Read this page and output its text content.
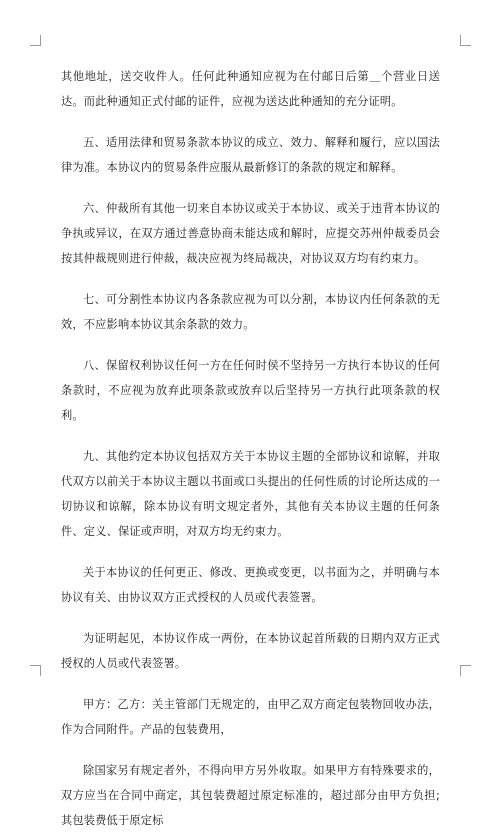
其他地址，送交收件人。任何此种通知应视为在付邮日后第＿个营业日送达。而此种通知正式付邮的证件，应视为送达此种通知的充分证明。

五、适用法律和贸易条款本协议的成立、效力、解释和履行，应以国法律为准。本协议内的贸易条件应服从最新修订的条款的规定和解释。

六、仲裁所有其他一切来自本协议或关于本协议、或关于违背本协议的争执或异议，在双方通过善意协商未能达成和解时，应提交苏州仲裁委员会按其仲裁规则进行仲裁，裁决应视为终局裁决，对协议双方均有约束力。

七、可分割性本协议内各条款应视为可以分割，本协议内任何条款的无效，不应影响本协议其余条款的效力。

八、保留权利协议任何一方在任何时侯不坚持另一方执行本协议的任何条款时，不应视为放弃此项条款或放弃以后坚持另一方执行此项条款的权利。

九、其他约定本协议包括双方关于本协议主题的全部协议和谅解，并取代双方以前关于本协议主题以书面或口头提出的任何性质的讨论所达成的一切协议和谅解，除本协议有明文规定者外，其他有关本协议主题的任何条件、定义、保证或声明，对双方均无约束力。

关于本协议的任何更正、修改、更换或变更，以书面为之，并明确与本协议有关、由协议双方正式授权的人员或代表签署。

为证明起见，本协议作成一两份，在本协议起首所载的日期内双方正式授权的人员或代表签署。

甲方：乙方：关主管部门无规定的，由甲乙双方商定包装物回收办法，作为合同附件。产品的包装费用，

除国家另有规定者外，不得向甲方另外收取。如果甲方有特殊要求的，双方应当在合同中商定，其包装费超过原定标准的，超过部分由甲方负担;其包装费低于原定标
